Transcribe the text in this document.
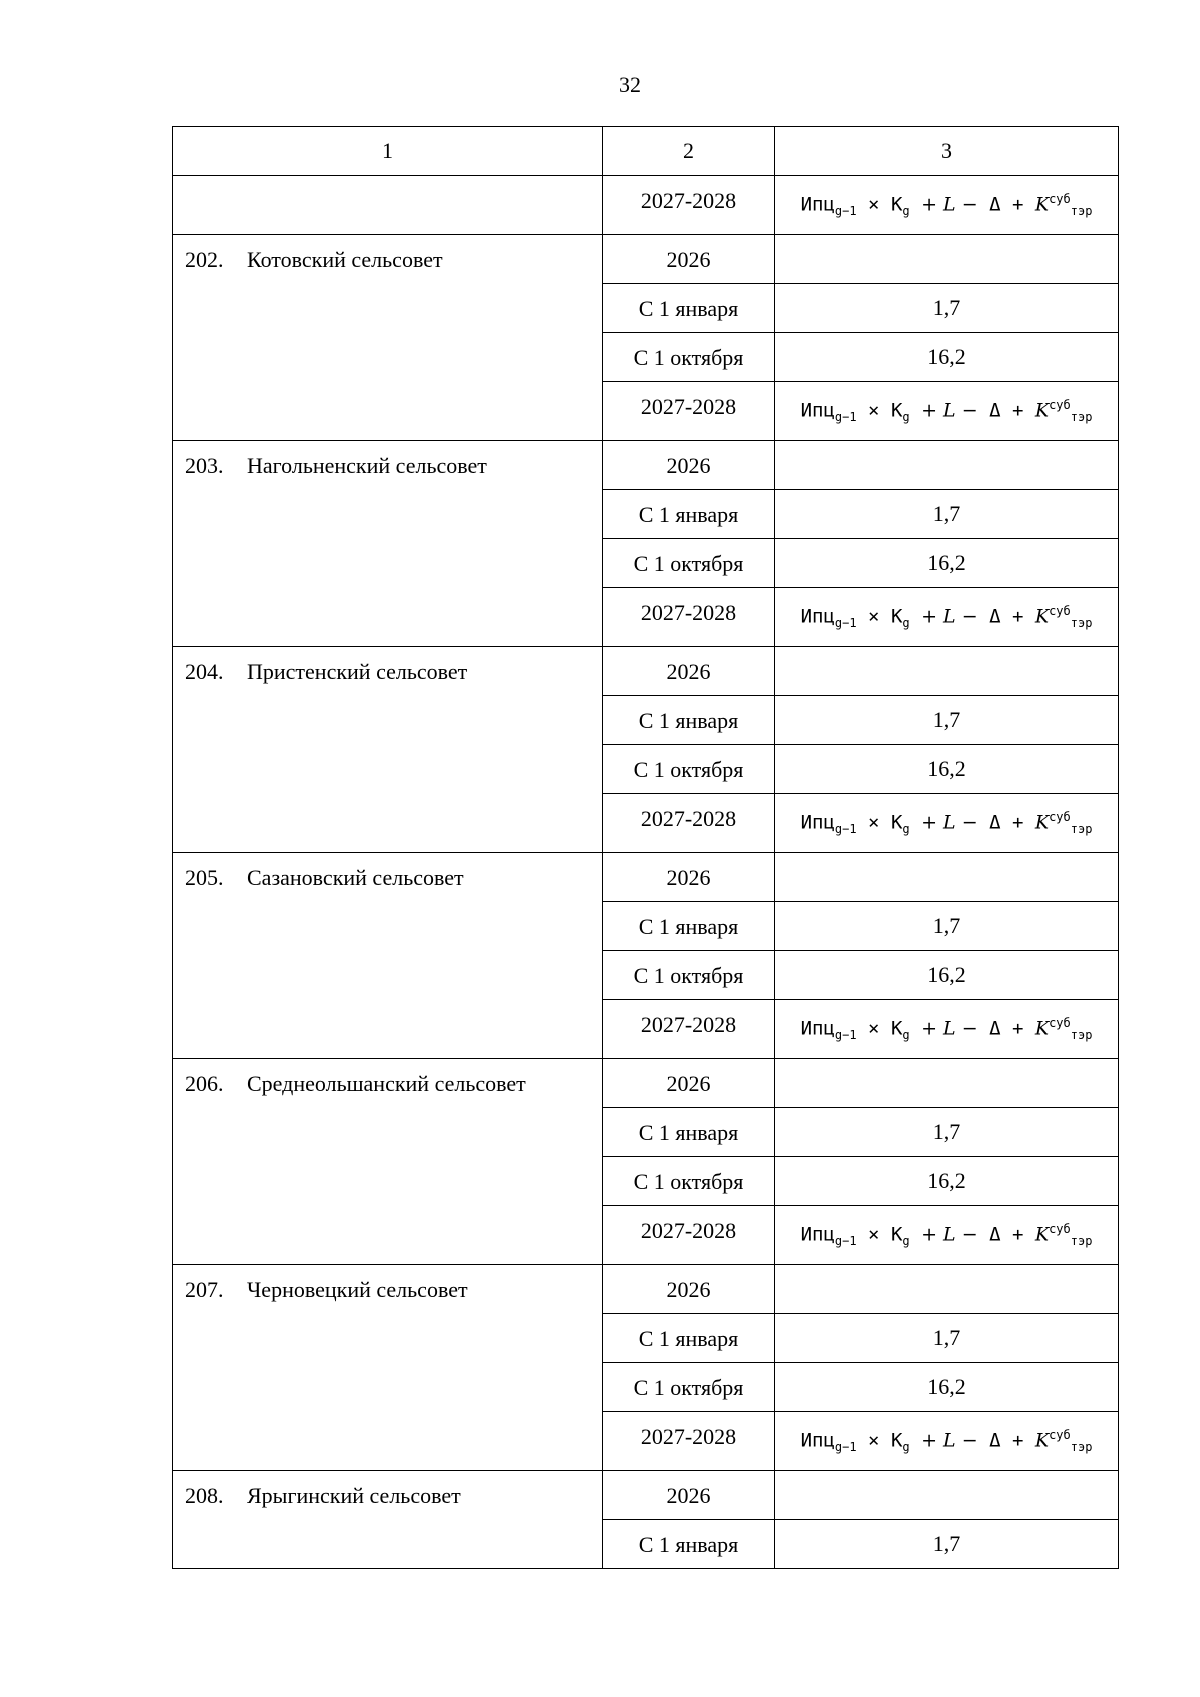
32
1	2	3
	2027-2028	$Ипц_{g-1} \times К_g + L - \Delta + K^{суб}_{тэр}$
202. Котовский сельсовет	2026	
	С 1 января	1,7
	С 1 октября	16,2
	2027-2028	$Ипц_{g-1} \times К_g + L - \Delta + K^{суб}_{тэр}$
203. Нагольненский сельсовет	2026	
	С 1 января	1,7
	С 1 октября	16,2
	2027-2028	$Ипц_{g-1} \times К_g + L - \Delta + K^{суб}_{тэр}$
204. Пристенский сельсовет	2026	
	С 1 января	1,7
	С 1 октября	16,2
	2027-2028	$Ипц_{g-1} \times К_g + L - \Delta + K^{суб}_{тэр}$
205. Сазановский сельсовет	2026	
	С 1 января	1,7
	С 1 октября	16,2
	2027-2028	$Ипц_{g-1} \times К_g + L - \Delta + K^{суб}_{тэр}$
206. Среднеольшанский сельсовет	2026	
	С 1 января	1,7
	С 1 октября	16,2
	2027-2028	$Ипц_{g-1} \times К_g + L - \Delta + K^{суб}_{тэр}$
207. Черновецкий сельсовет	2026	
	С 1 января	1,7
	С 1 октября	16,2
	2027-2028	$Ипц_{g-1} \times К_g + L - \Delta + K^{суб}_{тэр}$
208. Ярыгинский сельсовет	2026	
	С 1 января	1,7
